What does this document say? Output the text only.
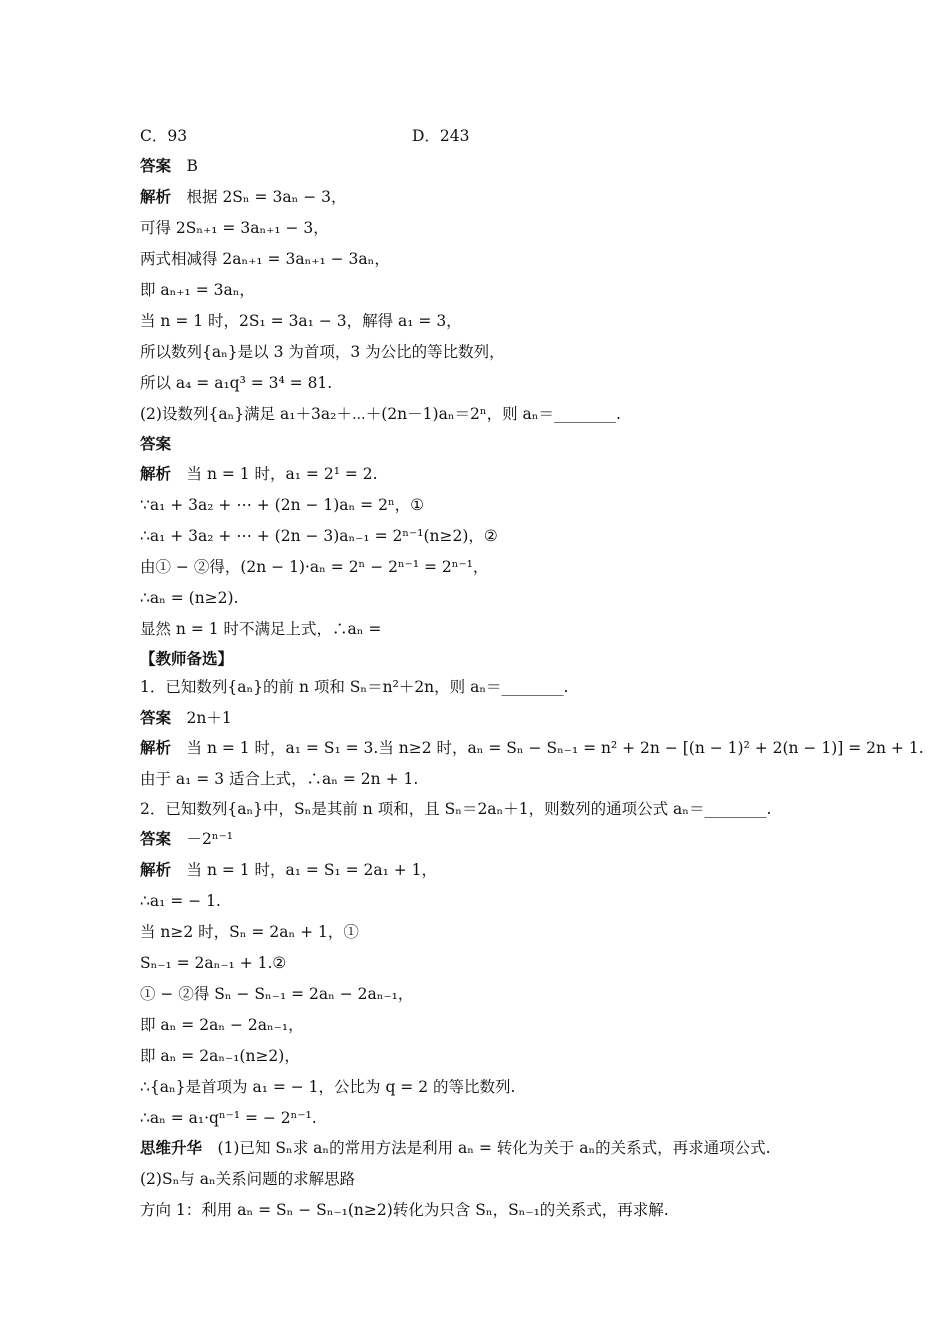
C．93	D．243
答案　B
解析　根据 2Sₙ = 3aₙ − 3，
可得 2Sₙ₊₁ = 3aₙ₊₁ − 3，
两式相减得 2aₙ₊₁ = 3aₙ₊₁ − 3aₙ，
即 aₙ₊₁ = 3aₙ，
当 n = 1 时，2S₁ = 3a₁ − 3，解得 a₁ = 3，
所以数列{aₙ}是以 3 为首项，3 为公比的等比数列，
所以 a₄ = a₁q³ = 3⁴ = 81.
(2)设数列{aₙ}满足 a₁＋3a₂＋⋯＋(2n－1)aₙ＝2ⁿ，则 aₙ＝________.
答案
解析　当 n = 1 时，a₁ = 2¹ = 2.
∵a₁ + 3a₂ + ⋯ + (2n − 1)aₙ = 2ⁿ，①
∴a₁ + 3a₂ + ⋯ + (2n − 3)aₙ₋₁ = 2ⁿ⁻¹(n≥2)，②
由① − ②得，(2n − 1)·aₙ = 2ⁿ − 2ⁿ⁻¹ = 2ⁿ⁻¹，
∴aₙ = (n≥2).
显然 n = 1 时不满足上式，∴aₙ =
【教师备选】
1．已知数列{aₙ}的前 n 项和 Sₙ＝n²＋2n，则 aₙ＝________.
答案　2n＋1
解析　当 n = 1 时，a₁ = S₁ = 3.当 n≥2 时，aₙ = Sₙ − Sₙ₋₁ = n² + 2n − [(n − 1)² + 2(n − 1)] = 2n + 1.
由于 a₁ = 3 适合上式，∴aₙ = 2n + 1.
2．已知数列{aₙ}中，Sₙ是其前 n 项和，且 Sₙ＝2aₙ＋1，则数列的通项公式 aₙ＝________.
答案　－2ⁿ⁻¹
解析　当 n = 1 时，a₁ = S₁ = 2a₁ + 1，
∴a₁ = − 1.
当 n≥2 时，Sₙ = 2aₙ + 1，①
Sₙ₋₁ = 2aₙ₋₁ + 1.②
① − ②得 Sₙ − Sₙ₋₁ = 2aₙ − 2aₙ₋₁，
即 aₙ = 2aₙ − 2aₙ₋₁，
即 aₙ = 2aₙ₋₁(n≥2)，
∴{aₙ}是首项为 a₁ = − 1，公比为 q = 2 的等比数列.
∴aₙ = a₁·qⁿ⁻¹ = − 2ⁿ⁻¹.
思维升华　(1)已知 Sₙ求 aₙ的常用方法是利用 aₙ = 转化为关于 aₙ的关系式，再求通项公式.
(2)Sₙ与 aₙ关系问题的求解思路
方向 1：利用 aₙ = Sₙ − Sₙ₋₁(n≥2)转化为只含 Sₙ，Sₙ₋₁的关系式，再求解.
